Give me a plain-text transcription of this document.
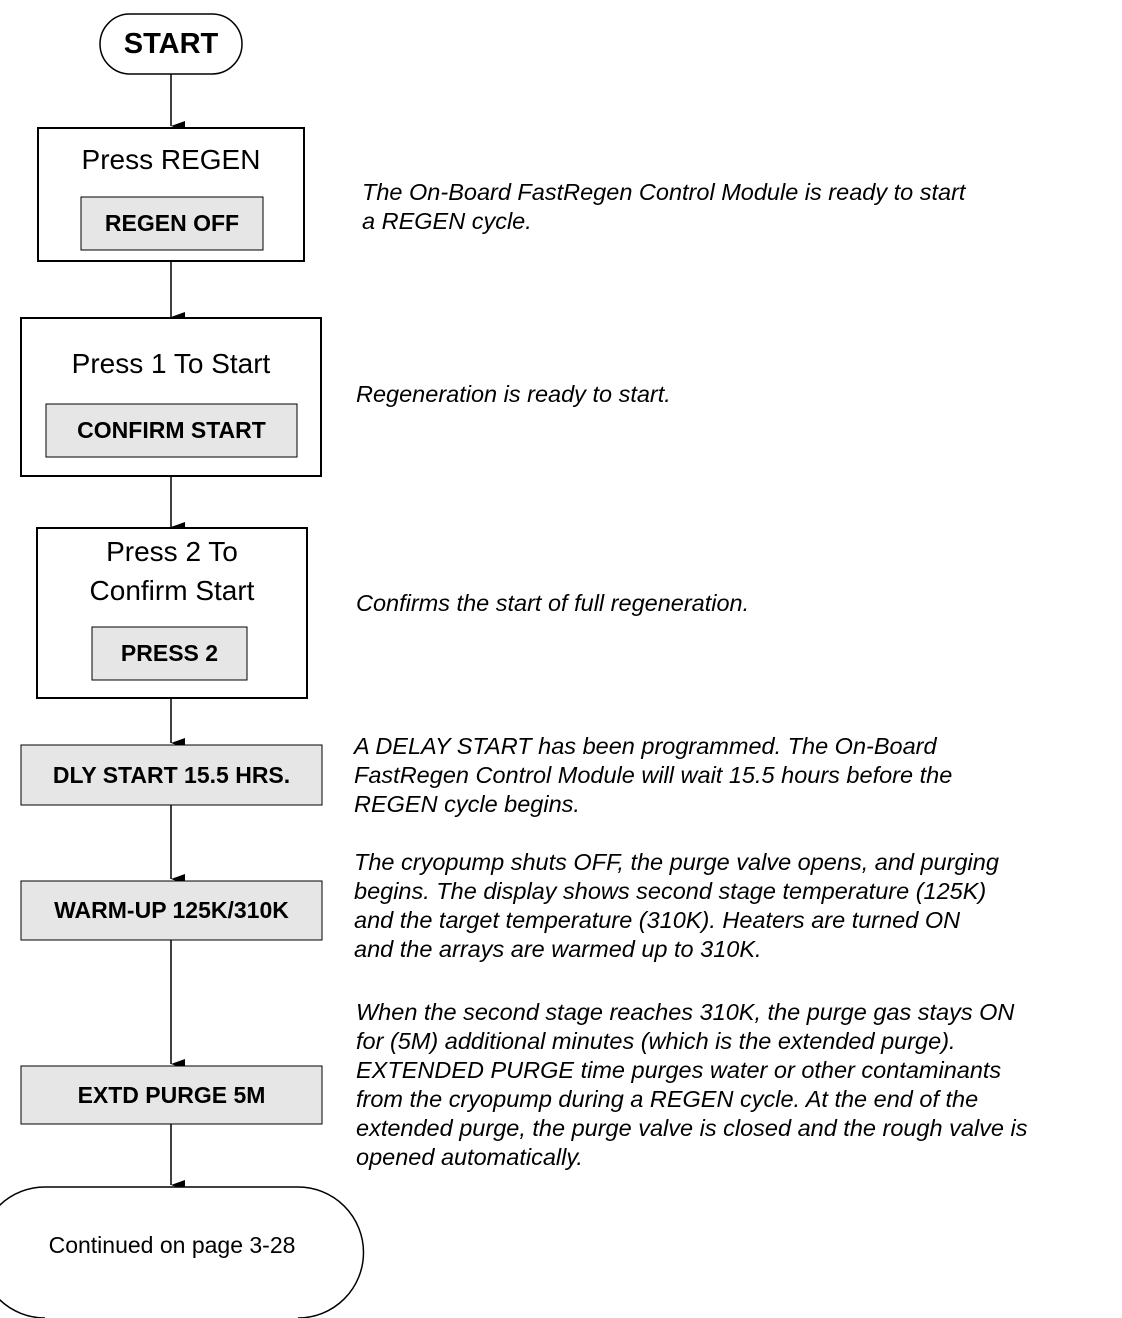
START
Press REGEN
REGEN OFF
Press 1 To Start
CONFIRM START
Press 2 To
Confirm Start
PRESS 2
DLY START 15.5 HRS.
WARM-UP 125K/310K
EXTD PURGE 5M
Continued on page 3-28
The On-Board FastRegen Control Module is ready to start
a REGEN cycle.
Regeneration is ready to start.
Confirms the start of full regeneration.
A DELAY START has been programmed. The On-Board
FastRegen Control Module will wait 15.5 hours before the
REGEN cycle begins.
The cryopump shuts OFF, the purge valve opens, and purging
begins. The display shows second stage temperature (125K)
and the target temperature (310K). Heaters are turned ON
and the arrays are warmed up to 310K.
When the second stage reaches 310K, the purge gas stays ON
for (5M) additional minutes (which is the extended purge).
EXTENDED PURGE time purges water or other contaminants
from the cryopump during a REGEN cycle. At the end of the
extended purge, the purge valve is closed and the rough valve is
opened automatically.
